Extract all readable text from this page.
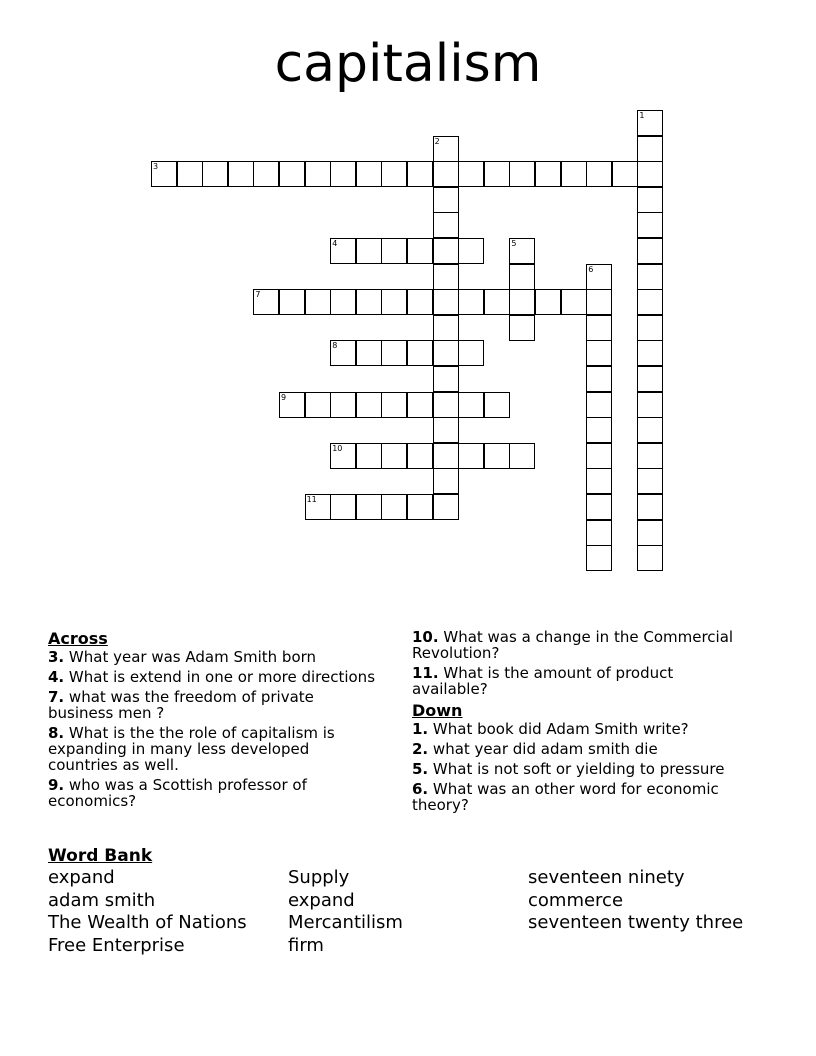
capitalism
1
2
3
4	5
6
7
8
9
10
11
Across
3. What year was Adam Smith born
4. What is extend in one or more directions
7. what was the freedom of private business men ?
8. What is the the role of capitalism is expanding in many less developed countries as well.
9. who was a Scottish professor of economics?
10. What was a change in the Commercial Revolution?
11. What is the amount of product available?
Down
1. What book did Adam Smith write?
2. what year did adam smith die
5. What is not soft or yielding to pressure
6. What was an other word for economic theory?
Word Bank
expand
adam smith
The Wealth of Nations
Free Enterprise
Supply
expand
Mercantilism
firm
seventeen ninety
commerce
seventeen twenty three
